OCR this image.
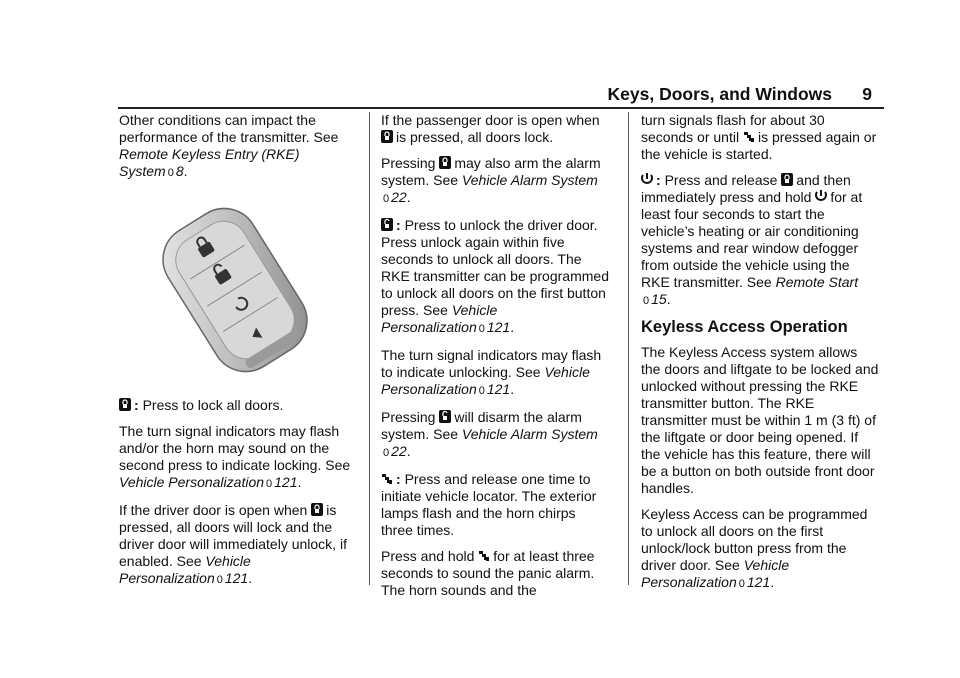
Keys, Doors, and Windows 9

Other conditions can impact the performance of the transmitter. See Remote Keyless Entry (RKE) System 0 8.

: Press to lock all doors.

The turn signal indicators may flash and/or the horn may sound on the second press to indicate locking. See Vehicle Personalization 0 121.

If the driver door is open when is pressed, all doors will lock and the driver door will immediately unlock, if enabled. See Vehicle Personalization 0 121.

If the passenger door is open when is pressed, all doors lock.

Pressing may also arm the alarm system. See Vehicle Alarm System 0 22.

: Press to unlock the driver door. Press unlock again within five seconds to unlock all doors. The RKE transmitter can be programmed to unlock all doors on the first button press. See Vehicle Personalization 0 121.

The turn signal indicators may flash to indicate unlocking. See Vehicle Personalization 0 121.

Pressing will disarm the alarm system. See Vehicle Alarm System 0 22.

: Press and release one time to initiate vehicle locator. The exterior lamps flash and the horn chirps three times.

Press and hold for at least three seconds to sound the panic alarm. The horn sounds and the

turn signals flash for about 30 seconds or until is pressed again or the vehicle is started.

: Press and release and then immediately press and hold for at least four seconds to start the vehicle’s heating or air conditioning systems and rear window defogger from outside the vehicle using the RKE transmitter. See Remote Start 0 15.

Keyless Access Operation

The Keyless Access system allows the doors and liftgate to be locked and unlocked without pressing the RKE transmitter button. The RKE transmitter must be within 1 m (3 ft) of the liftgate or door being opened. If the vehicle has this feature, there will be a button on both outside front door handles.

Keyless Access can be programmed to unlock all doors on the first unlock/lock button press from the driver door. See Vehicle Personalization 0 121.
